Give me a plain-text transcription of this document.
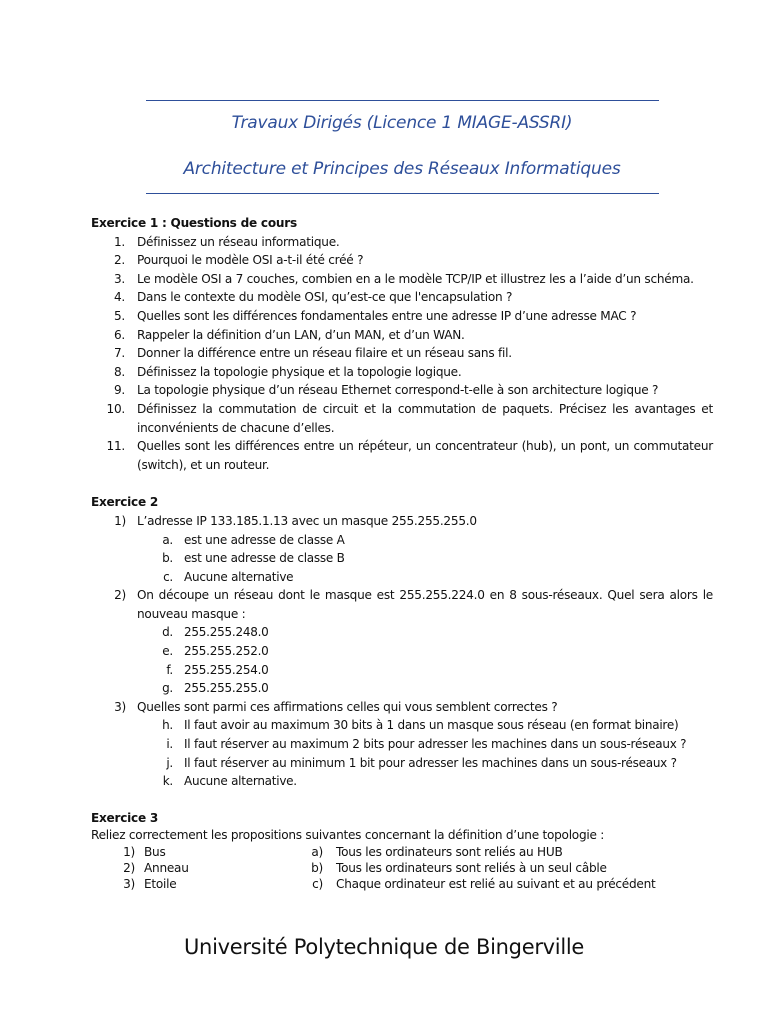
Travaux Dirigés (Licence 1 MIAGE-ASSRI)
Architecture et Principes des Réseaux Informatiques

Exercice 1 : Questions de cours

1. Définissez un réseau informatique.
2. Pourquoi le modèle OSI a-t-il été créé ?
3. Le modèle OSI a 7 couches, combien en a le modèle TCP/IP et illustrez les a l’aide d’un schéma.
4. Dans le contexte du modèle OSI, qu’est-ce que l'encapsulation ?
5. Quelles sont les différences fondamentales entre une adresse IP d’une adresse MAC ?
6. Rappeler la définition d’un LAN, d’un MAN, et d’un WAN.
7. Donner la différence entre un réseau filaire et un réseau sans fil.
8. Définissez la topologie physique et la topologie logique.
9. La topologie physique d’un réseau Ethernet correspond-t-elle à son architecture logique ?
10. Définissez la commutation de circuit et la commutation de paquets. Précisez les avantages et inconvénients de chacune d’elles.
11. Quelles sont les différences entre un répéteur, un concentrateur (hub), un pont, un commutateur (switch), et un routeur.

Exercice 2

1) L’adresse IP 133.185.1.13 avec un masque 255.255.255.0
a. est une adresse de classe A
b. est une adresse de classe B
c. Aucune alternative
2) On découpe un réseau dont le masque est 255.255.224.0 en 8 sous-réseaux. Quel sera alors le nouveau masque :
d. 255.255.248.0
e. 255.255.252.0
f. 255.255.254.0
g. 255.255.255.0
3) Quelles sont parmi ces affirmations celles qui vous semblent correctes ?
h. Il faut avoir au maximum 30 bits à 1 dans un masque sous réseau (en format binaire)
i. Il faut réserver au maximum 2 bits pour adresser les machines dans un sous-réseaux ?
j. Il faut réserver au minimum 1 bit pour adresser les machines dans un sous-réseaux ?
k. Aucune alternative.

Exercice 3

Reliez correctement les propositions suivantes concernant la définition d’une topologie :

1) Bus	a) Tous les ordinateurs sont reliés au HUB
2) Anneau	b) Tous les ordinateurs sont reliés à un seul câble
3) Etoile	c) Chaque ordinateur est relié au suivant et au précédent
Université Polytechnique de Bingerville
